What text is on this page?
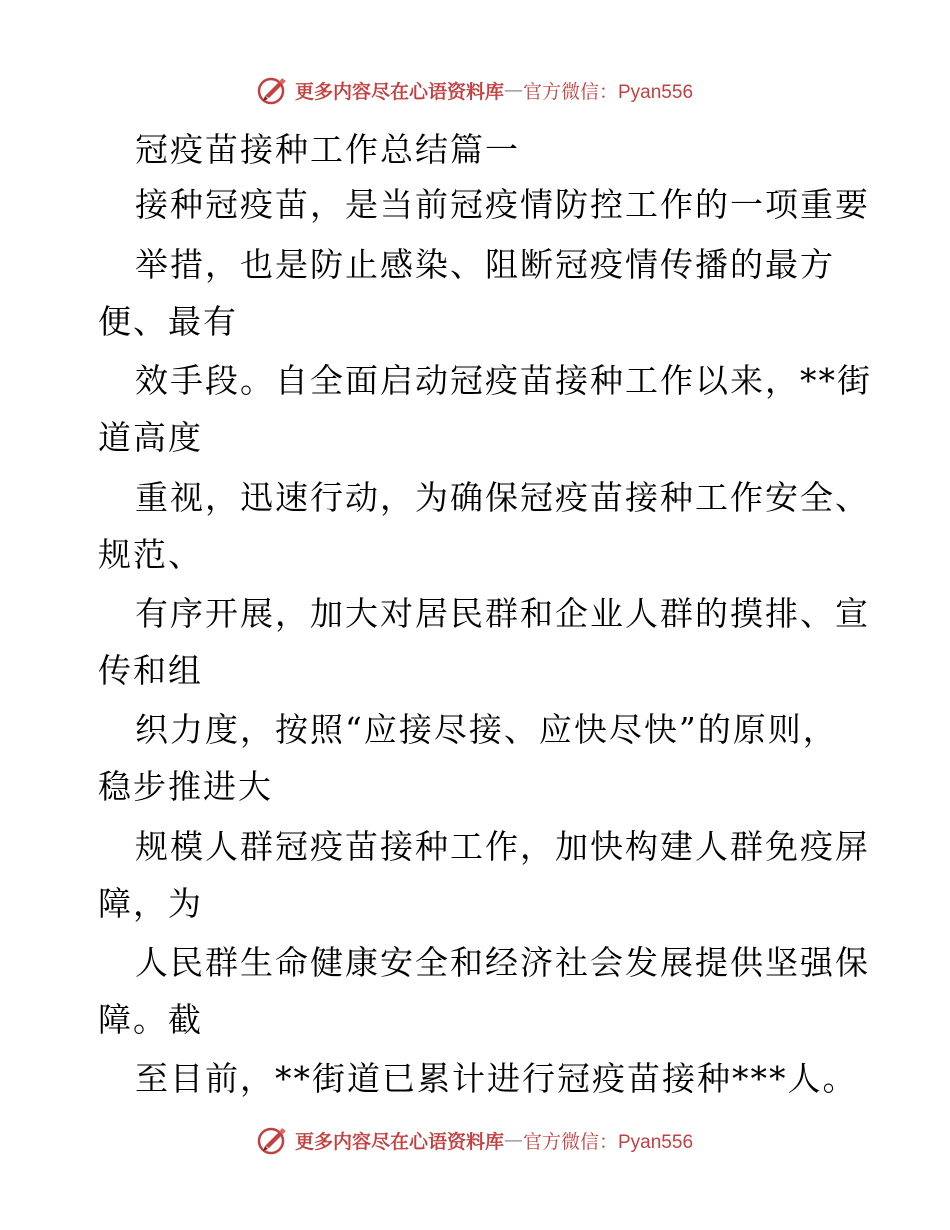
更多内容尽在心语资料库 — 官方微信：Pyan556
冠疫苗接种工作总结篇一
接种冠疫苗，是当前冠疫情防控工作的一项重要
举措，也是防止感染、阻断冠疫情传播的最方
便、最有
效手段。自全面启动冠疫苗接种工作以来，**街
道高度
重视，迅速行动，为确保冠疫苗接种工作安全、
规范、
有序开展，加大对居民群和企业人群的摸排、宣
传和组
织力度，按照“应接尽接、应快尽快”的原则，
稳步推进大
规模人群冠疫苗接种工作，加快构建人群免疫屏
障，为
人民群生命健康安全和经济社会发展提供坚强保
障。截
至目前，**街道已累计进行冠疫苗接种***人。
更多内容尽在心语资料库 — 官方微信：Pyan556
